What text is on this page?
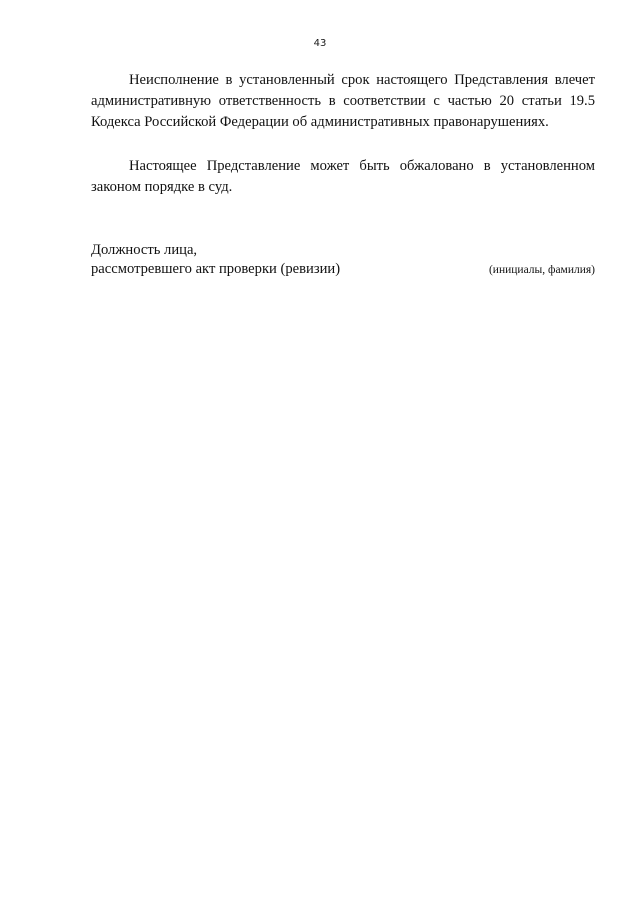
43

Неисполнение в установленный срок настоящего Представления влечет административную ответственность в соответствии с частью 20 статьи 19.5 Кодекса Российской Федерации об административных правонарушениях.

Настоящее Представление может быть обжаловано в установленном законом порядке в суд.

Должность лица,
рассмотревшего акт проверки (ревизии)	(инициалы, фамилия)
